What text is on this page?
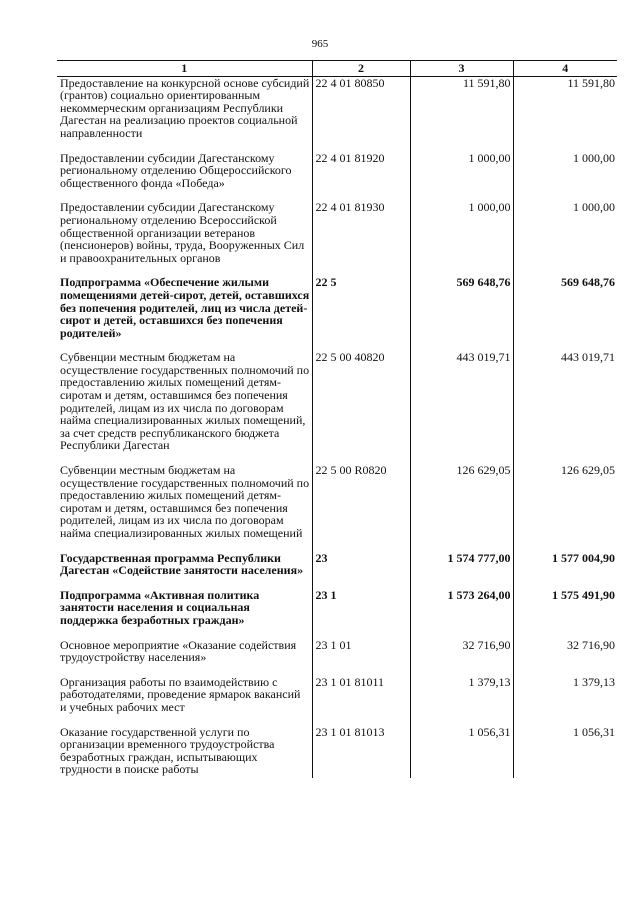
965
1	2	3	4
Предоставление на конкурсной основе субсидий (грантов) социально ориентированным некоммерческим организациям Республики Дагестан на реализацию проектов социальной направленности	22 4 01 80850	11 591,80	11 591,80
Предоставлении субсидии Дагестанскому региональному отделению Общероссийского общественного фонда «Победа»	22 4 01 81920	1 000,00	1 000,00
Предоставлении субсидии Дагестанскому региональному отделению Всероссийской общественной организации ветеранов (пенсионеров) войны, труда, Вооруженных Сил и правоохранительных органов	22 4 01 81930	1 000,00	1 000,00
Подпрограмма «Обеспечение жилыми помещениями детей-сирот, детей, оставшихся без попечения родителей, лиц из числа детей-сирот и детей, оставшихся без попечения родителей»	22 5	569 648,76	569 648,76
Субвенции местным бюджетам на осуществление государственных полномочий по предоставлению жилых помещений детям-сиротам и детям, оставшимся без попечения родителей, лицам из их числа по договорам найма специализированных жилых помещений, за счет средств республиканского бюджета Республики Дагестан	22 5 00 40820	443 019,71	443 019,71
Субвенции местным бюджетам на осуществление государственных полномочий по предоставлению жилых помещений детям-сиротам и детям, оставшимся без попечения родителей, лицам из их числа по договорам найма специализированных жилых помещений	22 5 00 R0820	126 629,05	126 629,05
Государственная программа Республики Дагестан «Содействие занятости населения»	23	1 574 777,00	1 577 004,90
Подпрограмма «Активная политика занятости населения и социальная поддержка безработных граждан»	23 1	1 573 264,00	1 575 491,90
Основное мероприятие «Оказание содействия трудоустройству населения»	23 1 01	32 716,90	32 716,90
Организация работы по взаимодействию с работодателями, проведение ярмарок вакансий и учебных рабочих мест	23 1 01 81011	1 379,13	1 379,13
Оказание государственной услуги по организации временного трудоустройства безработных граждан, испытывающих трудности в поиске работы	23 1 01 81013	1 056,31	1 056,31
